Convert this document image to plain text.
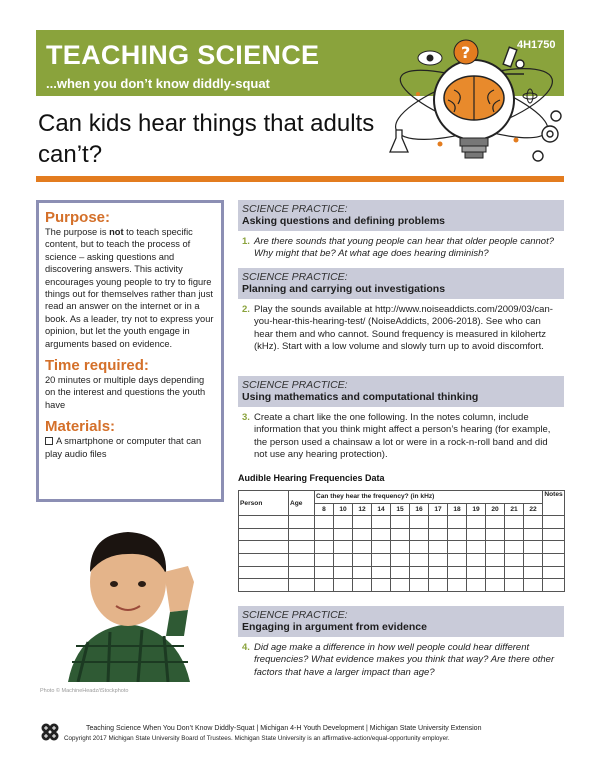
TEACHING SCIENCE
...when you don’t know diddly-squat
4H1750
?
Can kids hear things that adults can’t?
Purpose:
The purpose is not to teach specific content, but to teach the process of science – asking questions and discovering answers. This activity encourages young people to try to figure things out for themselves rather than just read an answer on the internet or in a book. As a leader, try not to express your opinion, but let the youth engage in arguments based on evidence.
Time required:
20 minutes or multiple days depending on the interest and questions the youth have
Materials:
A smartphone or computer that can play audio files
Photo © MachineHeadz/iStockphoto
SCIENCE PRACTICE:
Asking questions and defining problems
1. Are there sounds that young people can hear that older people cannot? Why might that be? At what age does hearing diminish?
SCIENCE PRACTICE:
Planning and carrying out investigations
2. Play the sounds available at http://www.noiseaddicts.com/2009/03/can-you-hear-this-hearing-test/ (NoiseAddicts, 2006-2018). See who can hear them and who cannot. Sound frequency is measured in kilohertz (kHz). Start with a low volume and slowly turn up to avoid discomfort.
SCIENCE PRACTICE:
Using mathematics and computational thinking
3. Create a chart like the one following. In the notes column, include information that you think might affect a person’s hearing (for example, the person used a chainsaw a lot or were in a rock-n-roll band and did not use any hearing protection).
Audible Hearing Frequencies Data
Person	Age	Can they hear the frequency? (in kHz)												Notes
		8	10	12	14	15	16	17	18	19	20	21	22	

SCIENCE PRACTICE:
Engaging in argument from evidence
4. Did age make a difference in how well people could hear different frequencies? What evidence makes you think that way? Are there other factors that have a larger impact than age?
Teaching Science When You Don’t Know Diddly-Squat | Michigan 4-H Youth Development | Michigan State University Extension
Copyright 2017 Michigan State University Board of Trustees. Michigan State University is an affirmative-action/equal-opportunity employer.
